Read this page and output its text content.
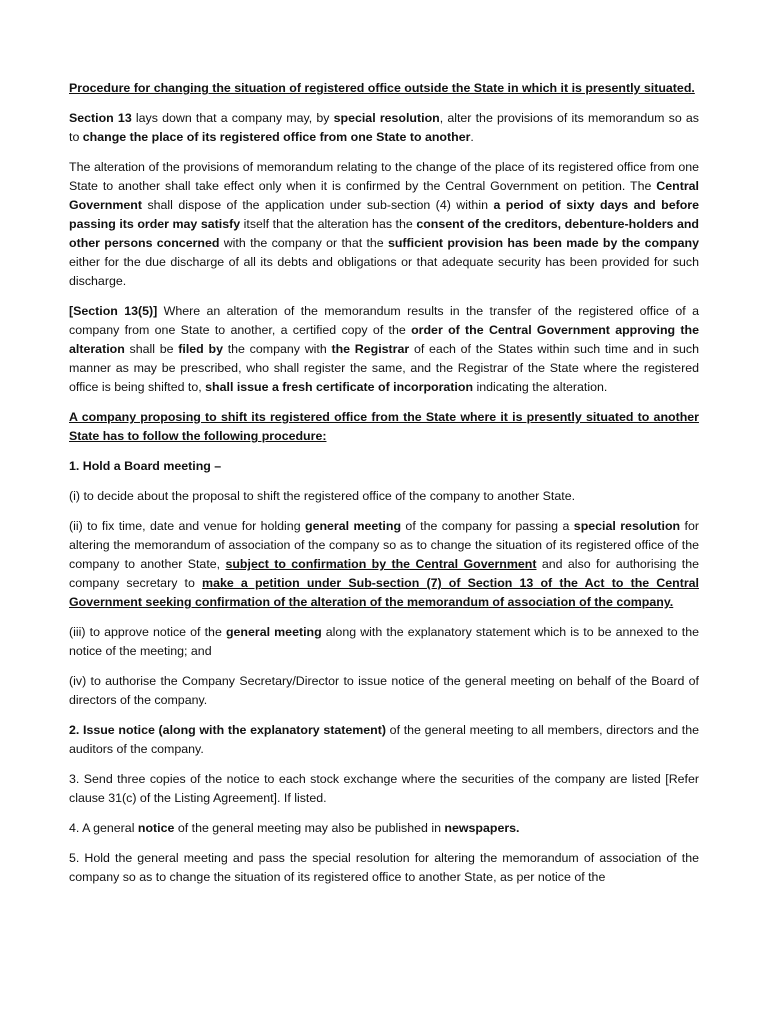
Procedure for changing the situation of registered office outside the State in which it is presently situated.

Section 13 lays down that a company may, by special resolution, alter the provisions of its memorandum so as to change the place of its registered office from one State to another.

The alteration of the provisions of memorandum relating to the change of the place of its registered office from one State to another shall take effect only when it is confirmed by the Central Government on petition. The Central Government shall dispose of the application under sub-section (4) within a period of sixty days and before passing its order may satisfy itself that the alteration has the consent of the creditors, debenture-holders and other persons concerned with the company or that the sufficient provision has been made by the company either for the due discharge of all its debts and obligations or that adequate security has been provided for such discharge.

[Section 13(5)] Where an alteration of the memorandum results in the transfer of the registered office of a company from one State to another, a certified copy of the order of the Central Government approving the alteration shall be filed by the company with the Registrar of each of the States within such time and in such manner as may be prescribed, who shall register the same, and the Registrar of the State where the registered office is being shifted to, shall issue a fresh certificate of incorporation indicating the alteration.

A company proposing to shift its registered office from the State where it is presently situated to another State has to follow the following procedure:

1. Hold a Board meeting –

(i) to decide about the proposal to shift the registered office of the company to another State.

(ii) to fix time, date and venue for holding general meeting of the company for passing a special resolution for altering the memorandum of association of the company so as to change the situation of its registered office of the company to another State, subject to confirmation by the Central Government and also for authorising the company secretary to make a petition under Sub-section (7) of Section 13 of the Act to the Central Government seeking confirmation of the alteration of the memorandum of association of the company.

(iii) to approve notice of the general meeting along with the explanatory statement which is to be annexed to the notice of the meeting; and

(iv) to authorise the Company Secretary/Director to issue notice of the general meeting on behalf of the Board of directors of the company.

2. Issue notice (along with the explanatory statement) of the general meeting to all members, directors and the auditors of the company.

3. Send three copies of the notice to each stock exchange where the securities of the company are listed [Refer clause 31(c) of the Listing Agreement]. If listed.

4. A general notice of the general meeting may also be published in newspapers.

5. Hold the general meeting and pass the special resolution for altering the memorandum of association of the company so as to change the situation of its registered office to another State, as per notice of the
